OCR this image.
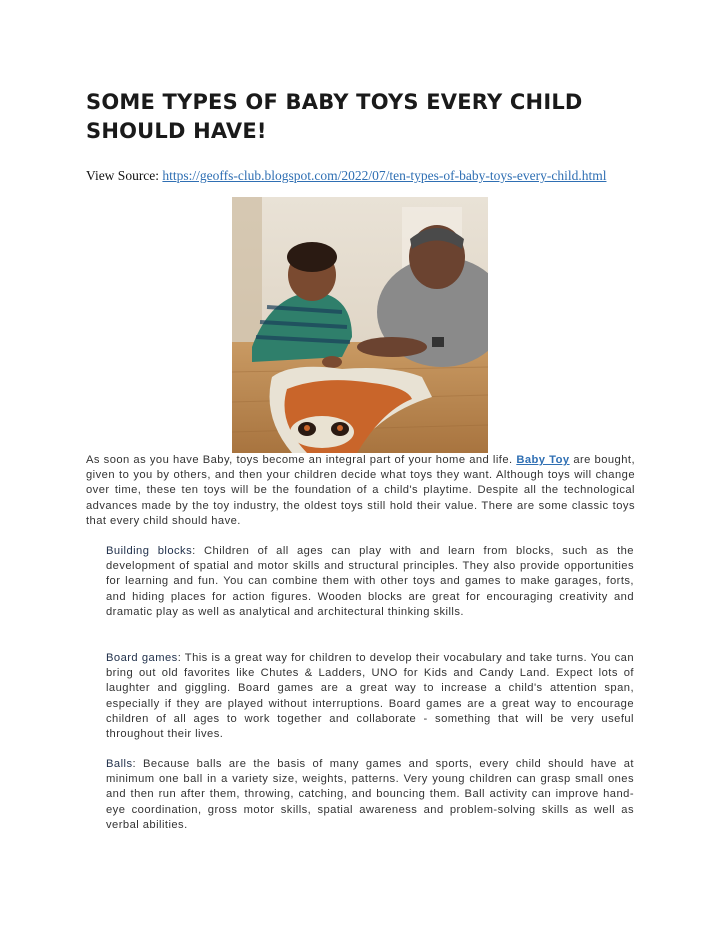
SOME TYPES OF BABY TOYS EVERY CHILD SHOULD HAVE!
View Source: https://geoffs-club.blogspot.com/2022/07/ten-types-of-baby-toys-every-child.html
As soon as you have Baby, toys become an integral part of your home and life. Baby Toy are bought, given to you by others, and then your children decide what toys they want. Although toys will change over time, these ten toys will be the foundation of a child's playtime. Despite all the technological advances made by the toy industry, the oldest toys still hold their value. There are some classic toys that every child should have.
Building blocks: Children of all ages can play with and learn from blocks, such as the development of spatial and motor skills and structural principles. They also provide opportunities for learning and fun. You can combine them with other toys and games to make garages, forts, and hiding places for action figures. Wooden blocks are great for encouraging creativity and dramatic play as well as analytical and architectural thinking skills.
Board games: This is a great way for children to develop their vocabulary and take turns. You can bring out old favorites like Chutes & Ladders, UNO for Kids and Candy Land. Expect lots of laughter and giggling. Board games are a great way to increase a child's attention span, especially if they are played without interruptions. Board games are a great way to encourage children of all ages to work together and collaborate - something that will be very useful throughout their lives.
Balls: Because balls are the basis of many games and sports, every child should have at minimum one ball in a variety size, weights, patterns. Very young children can grasp small ones and then run after them, throwing, catching, and bouncing them. Ball activity can improve hand-eye coordination, gross motor skills, spatial awareness and problem-solving skills as well as verbal abilities.
